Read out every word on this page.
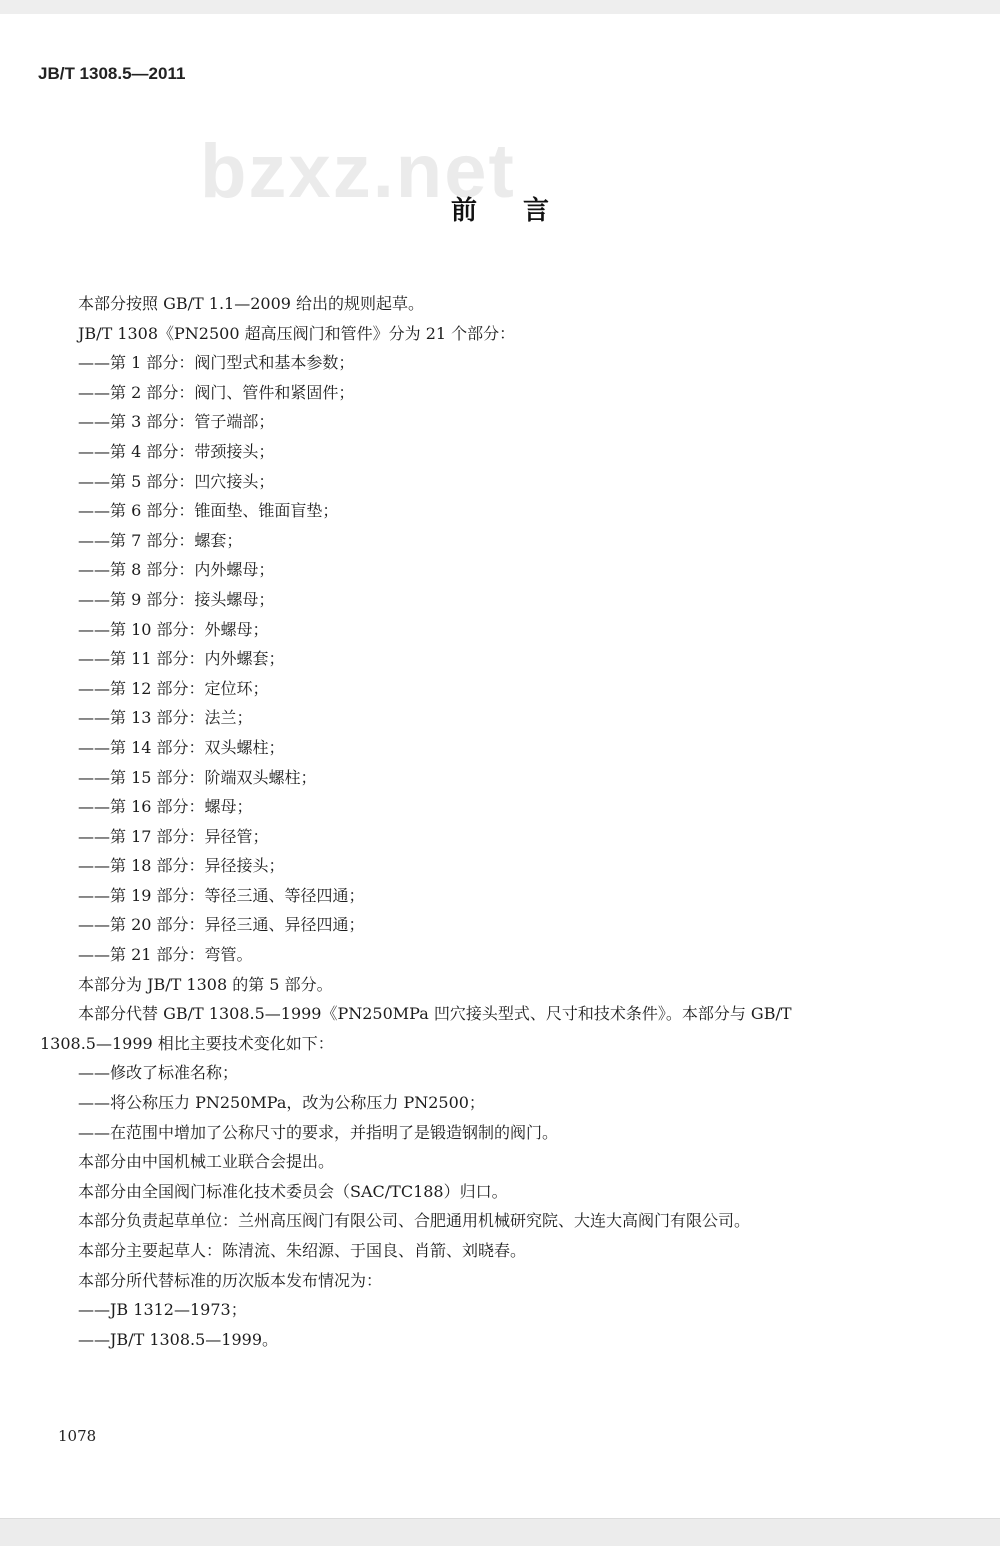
JB/T 1308.5—2011
bzxz.net
前言
本部分按照 GB/T 1.1—2009 给出的规则起草。
JB/T 1308《PN2500 超高压阀门和管件》分为 21 个部分：
——第 1 部分：阀门型式和基本参数；
——第 2 部分：阀门、管件和紧固件；
——第 3 部分：管子端部；
——第 4 部分：带颈接头；
——第 5 部分：凹穴接头；
——第 6 部分：锥面垫、锥面盲垫；
——第 7 部分：螺套；
——第 8 部分：内外螺母；
——第 9 部分：接头螺母；
——第 10 部分：外螺母；
——第 11 部分：内外螺套；
——第 12 部分：定位环；
——第 13 部分：法兰；
——第 14 部分：双头螺柱；
——第 15 部分：阶端双头螺柱；
——第 16 部分：螺母；
——第 17 部分：异径管；
——第 18 部分：异径接头；
——第 19 部分：等径三通、等径四通；
——第 20 部分：异径三通、异径四通；
——第 21 部分：弯管。
本部分为 JB/T 1308 的第 5 部分。
本部分代替 GB/T 1308.5—1999《PN250MPa 凹穴接头型式、尺寸和技术条件》。本部分与 GB/T
1308.5—1999 相比主要技术变化如下：
——修改了标准名称；
——将公称压力 PN250MPa，改为公称压力 PN2500；
——在范围中增加了公称尺寸的要求，并指明了是锻造钢制的阀门。
本部分由中国机械工业联合会提出。
本部分由全国阀门标准化技术委员会（SAC/TC188）归口。
本部分负责起草单位：兰州高压阀门有限公司、合肥通用机械研究院、大连大高阀门有限公司。
本部分主要起草人：陈清流、朱绍源、于国良、肖箭、刘晓春。
本部分所代替标准的历次版本发布情况为：
——JB 1312—1973；
——JB/T 1308.5—1999。
1078
